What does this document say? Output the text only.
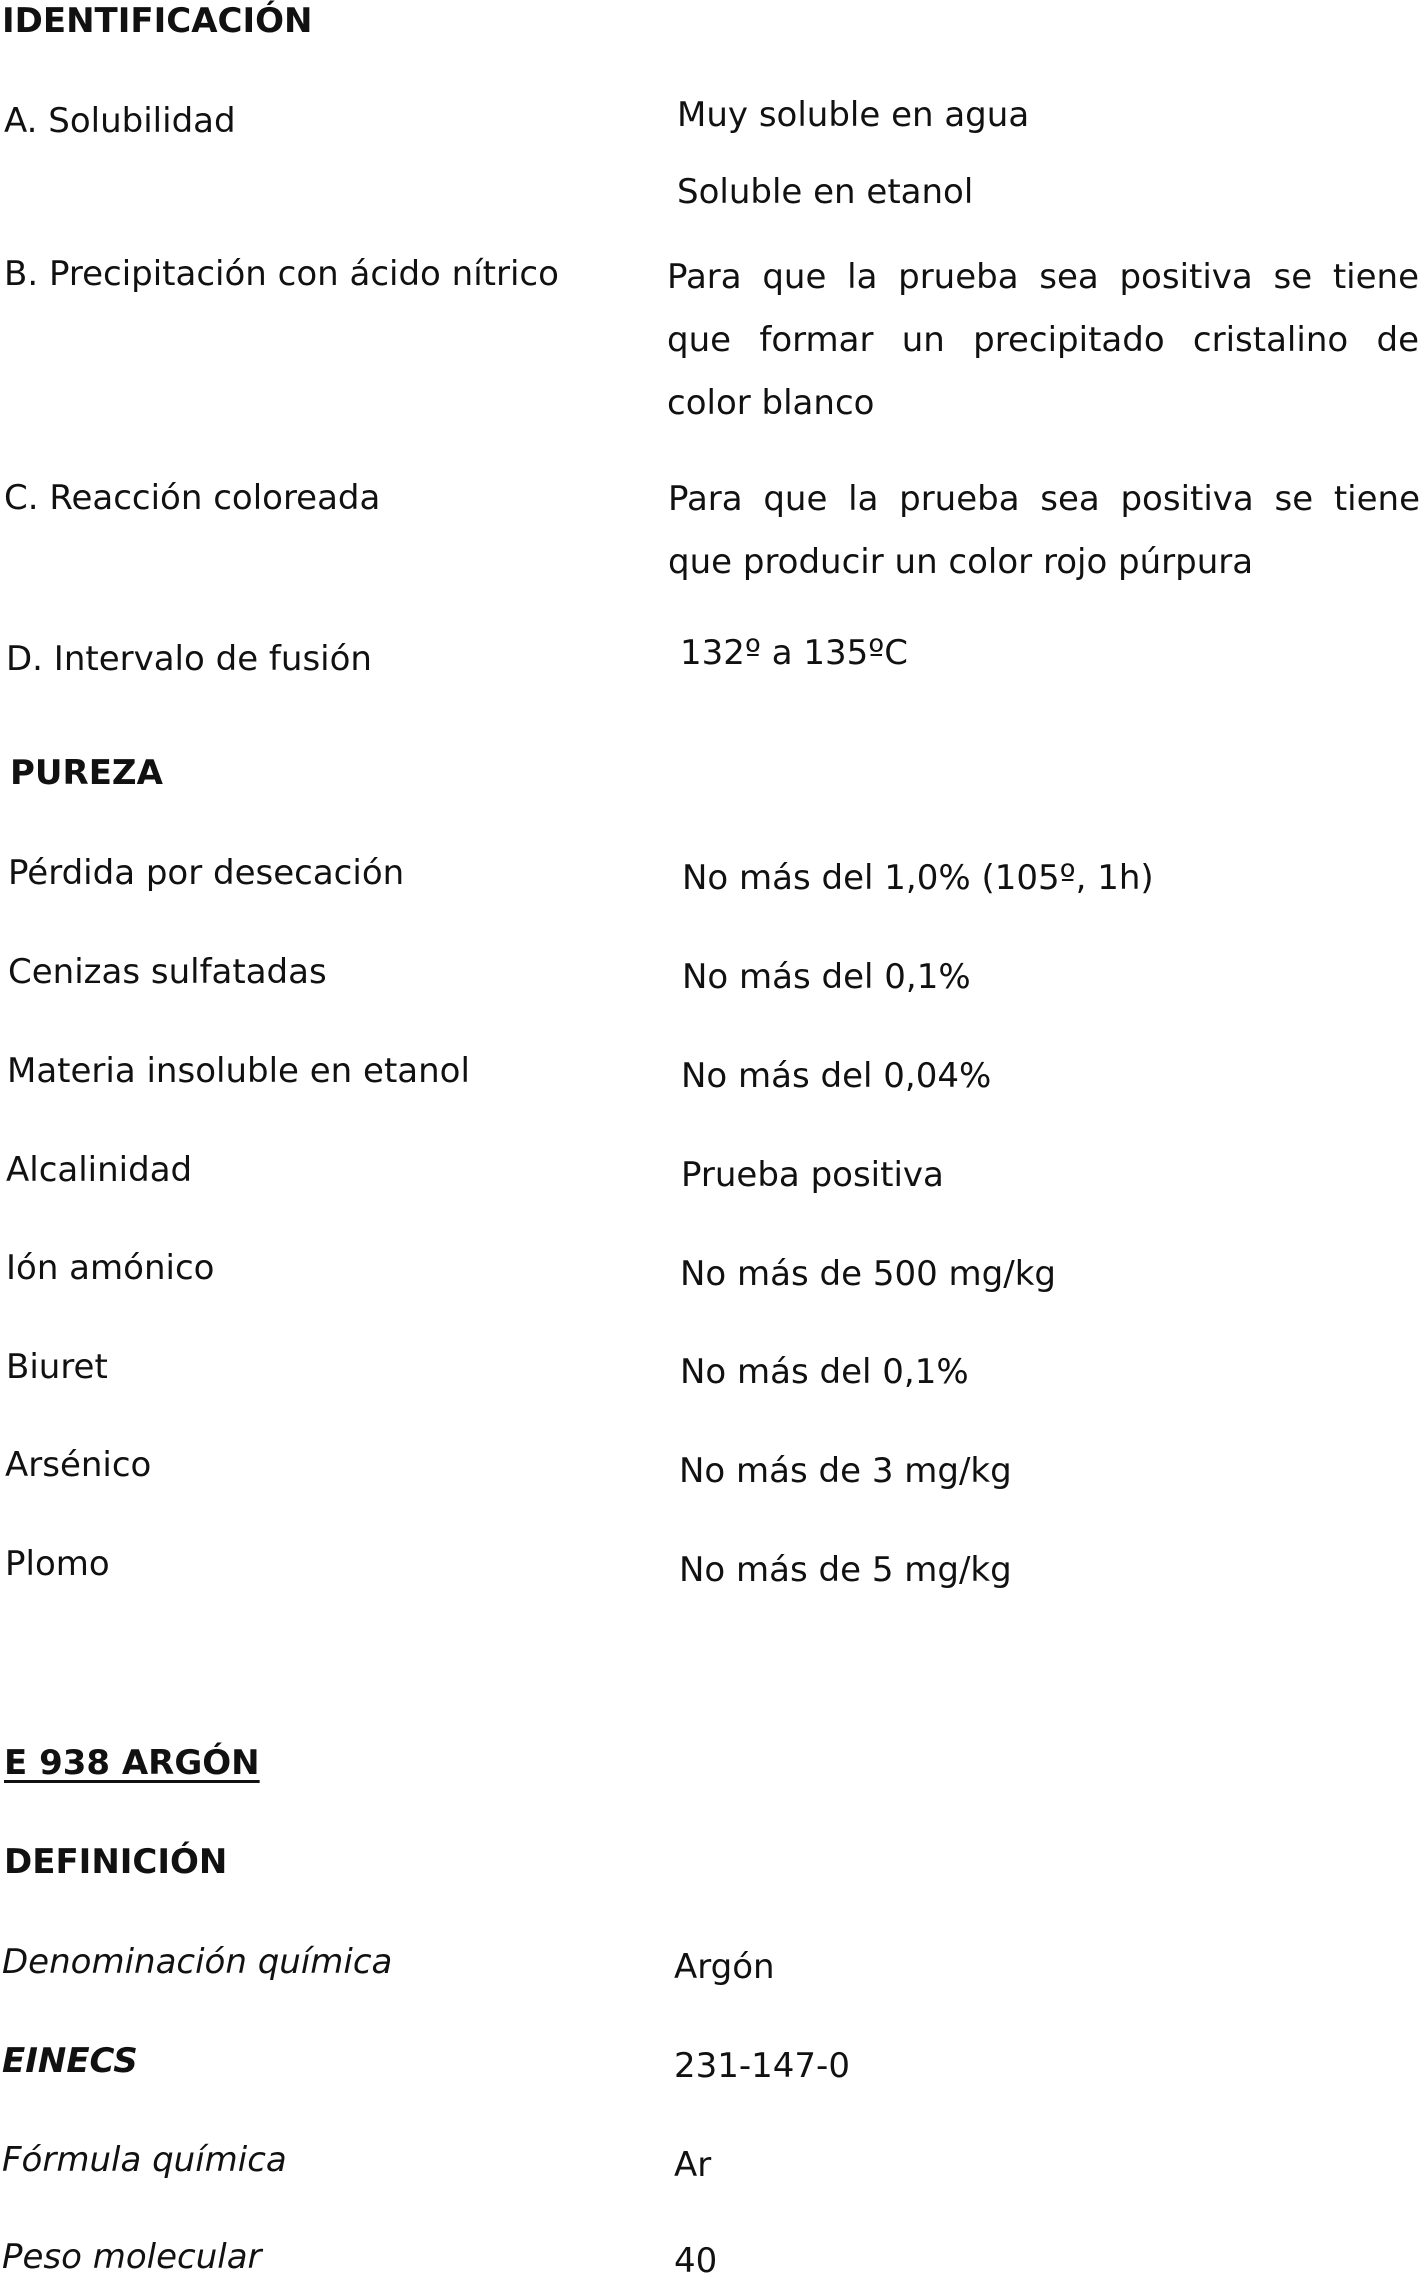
IDENTIFICACIÓN
A. Solubilidad	Muy soluble en agua
Soluble en etanol
B. Precipitación con ácido nítrico	Para que la prueba sea positiva se tiene que formar un precipitado cristalino de color blanco
C. Reacción coloreada	Para que la prueba sea positiva se tiene que producir un color rojo púrpura
D. Intervalo de fusión	132º a 135ºC
PUREZA
Pérdida por desecación	No más del 1,0% (105º, 1h)
Cenizas sulfatadas	No más del 0,1%
Materia insoluble en etanol	No más del 0,04%
Alcalinidad	Prueba positiva
Ión amónico	No más de 500 mg/kg
Biuret	No más del 0,1%
Arsénico	No más de 3 mg/kg
Plomo	No más de 5 mg/kg
E 938 ARGÓN
DEFINICIÓN
Denominación química	Argón
EINECS	231-147-0
Fórmula química	Ar
Peso molecular	40
